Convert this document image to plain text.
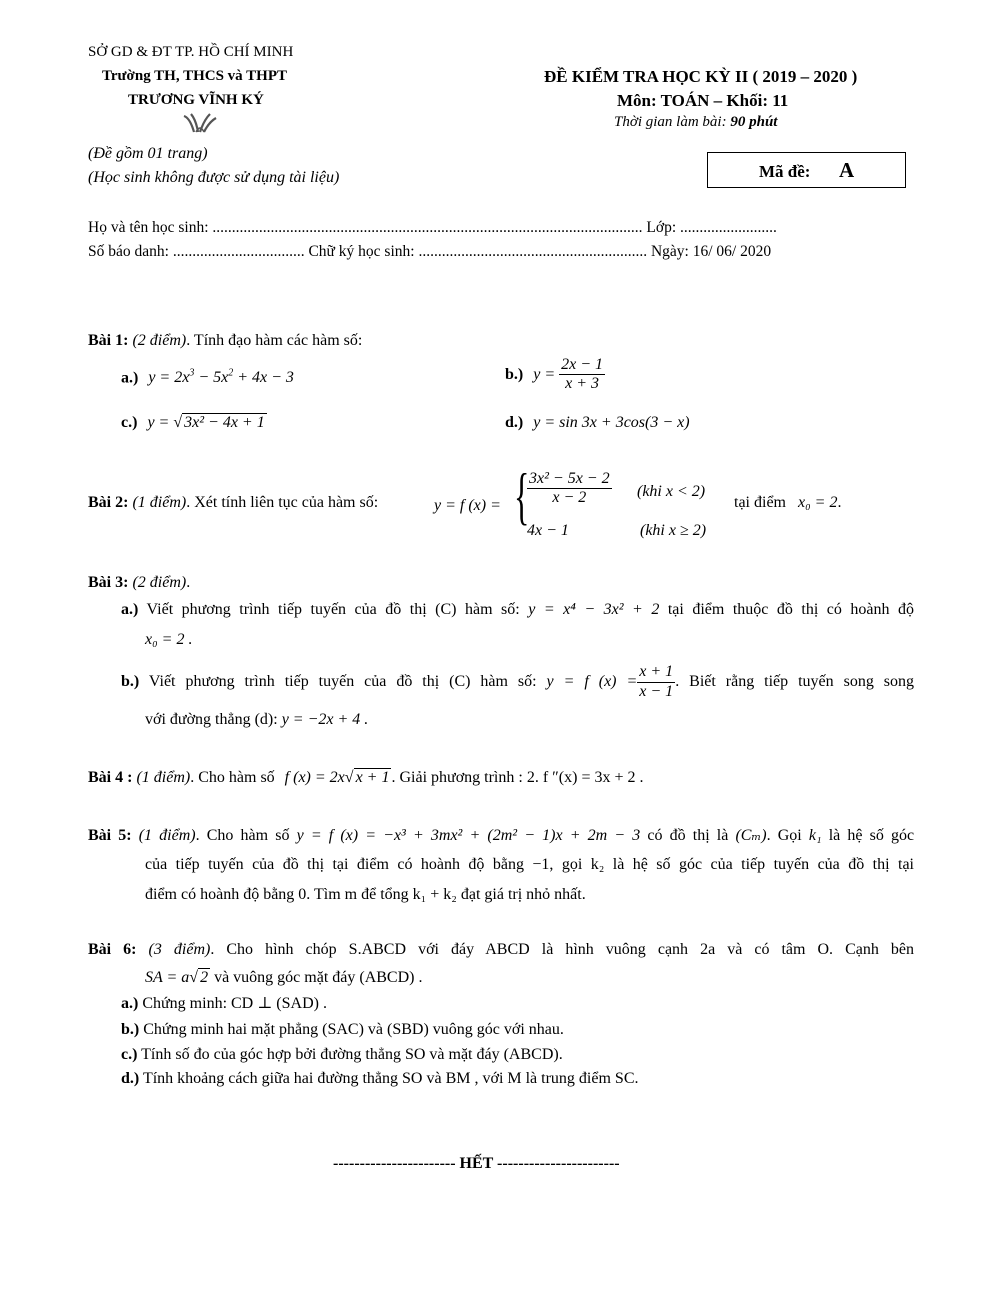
SỞ GD & ĐT TP. HỒ CHÍ MINH
Trường TH, THCS và THPT
TRƯƠNG VĨNH KÝ
ĐỀ KIỂM TRA HỌC KỲ II ( 2019 – 2020 )
Môn: TOÁN – Khối: 11
Thời gian làm bài: 90 phút
(Đề gồm 01 trang)
(Học sinh không được sử dụng tài liệu)	Mã đề: A
Họ và tên học sinh: ............................................................................................................... Lớp: .........................
Số báo danh: .................................. Chữ ký học sinh: ........................................................... Ngày: 16/ 06/ 2020
Bài 1: (2 điểm). Tính đạo hàm các hàm số:
a.) $y = 2x^3 - 5x^2 + 4x - 3$	b.) $y = \frac{2x - 1}{x + 3}$
c.) y = √ 3x² − 4x + 1	d.) y = sin 3x + 3cos(3 − x)
Bài 2: (1 điểm). Xét tính liên tục của hàm số:	y = f (x) = {
$\frac{\text{3x² − 5x − 2}}{x - 2} (khi$ x < 2)
4x − 1	(khi x ≥ 2)
tại điểm x₀ = 2.
Bài 3: (2 điểm).
a.) Viết phương trình tiếp tuyến của đồ thị (C) hàm số: y = x⁴ − 3x² + 2 tại điểm thuộc đồ thị có hoành độ
x₀ = 2 .
b.) Viết phương trình tiếp tuyến của đồ thị (C) hàm số: y = f $(x) = \frac{x + 1}{x - 1}$ . Biết rằng tiếp tuyến song song
với đường thẳng (d): y = −2x + 4 .
Bài 4 : (1 điểm). Cho hàm số f (x) = 2x√ x + 1 . Giải phương trình : 2. f ″(x) = 3x + 2 .
Bài 5: (1 điểm). Cho hàm số y = f (x) = −x³ + 3mx² + (2m² − 1)x + 2m − 3 có đồ thị là (Cₘ). Gọi k₁ là hệ số góc
của tiếp tuyến của đồ thị tại điểm có hoành độ bằng −1, gọi k₂ là hệ số góc của tiếp tuyến của đồ thị tại
điểm có hoành độ bằng 0. Tìm m để tổng k₁ + k₂ đạt giá trị nhỏ nhất.
Bài 6: (3 điểm). Cho hình chóp S.ABCD với đáy ABCD là hình vuông cạnh 2a và có tâm O. Cạnh bên
SA = a√ 2 và vuông góc mặt đáy (ABCD) .
a.) Chứng minh: CD ⊥ (SAD) .
b.) Chứng minh hai mặt phẳng (SAC) và (SBD) vuông góc với nhau.
c.) Tính số đo của góc hợp bởi đường thẳng SO và mặt đáy (ABCD).
d.) Tính khoảng cách giữa hai đường thẳng SO và BM , với M là trung điểm SC.
----------------------- HẾT -----------------------
